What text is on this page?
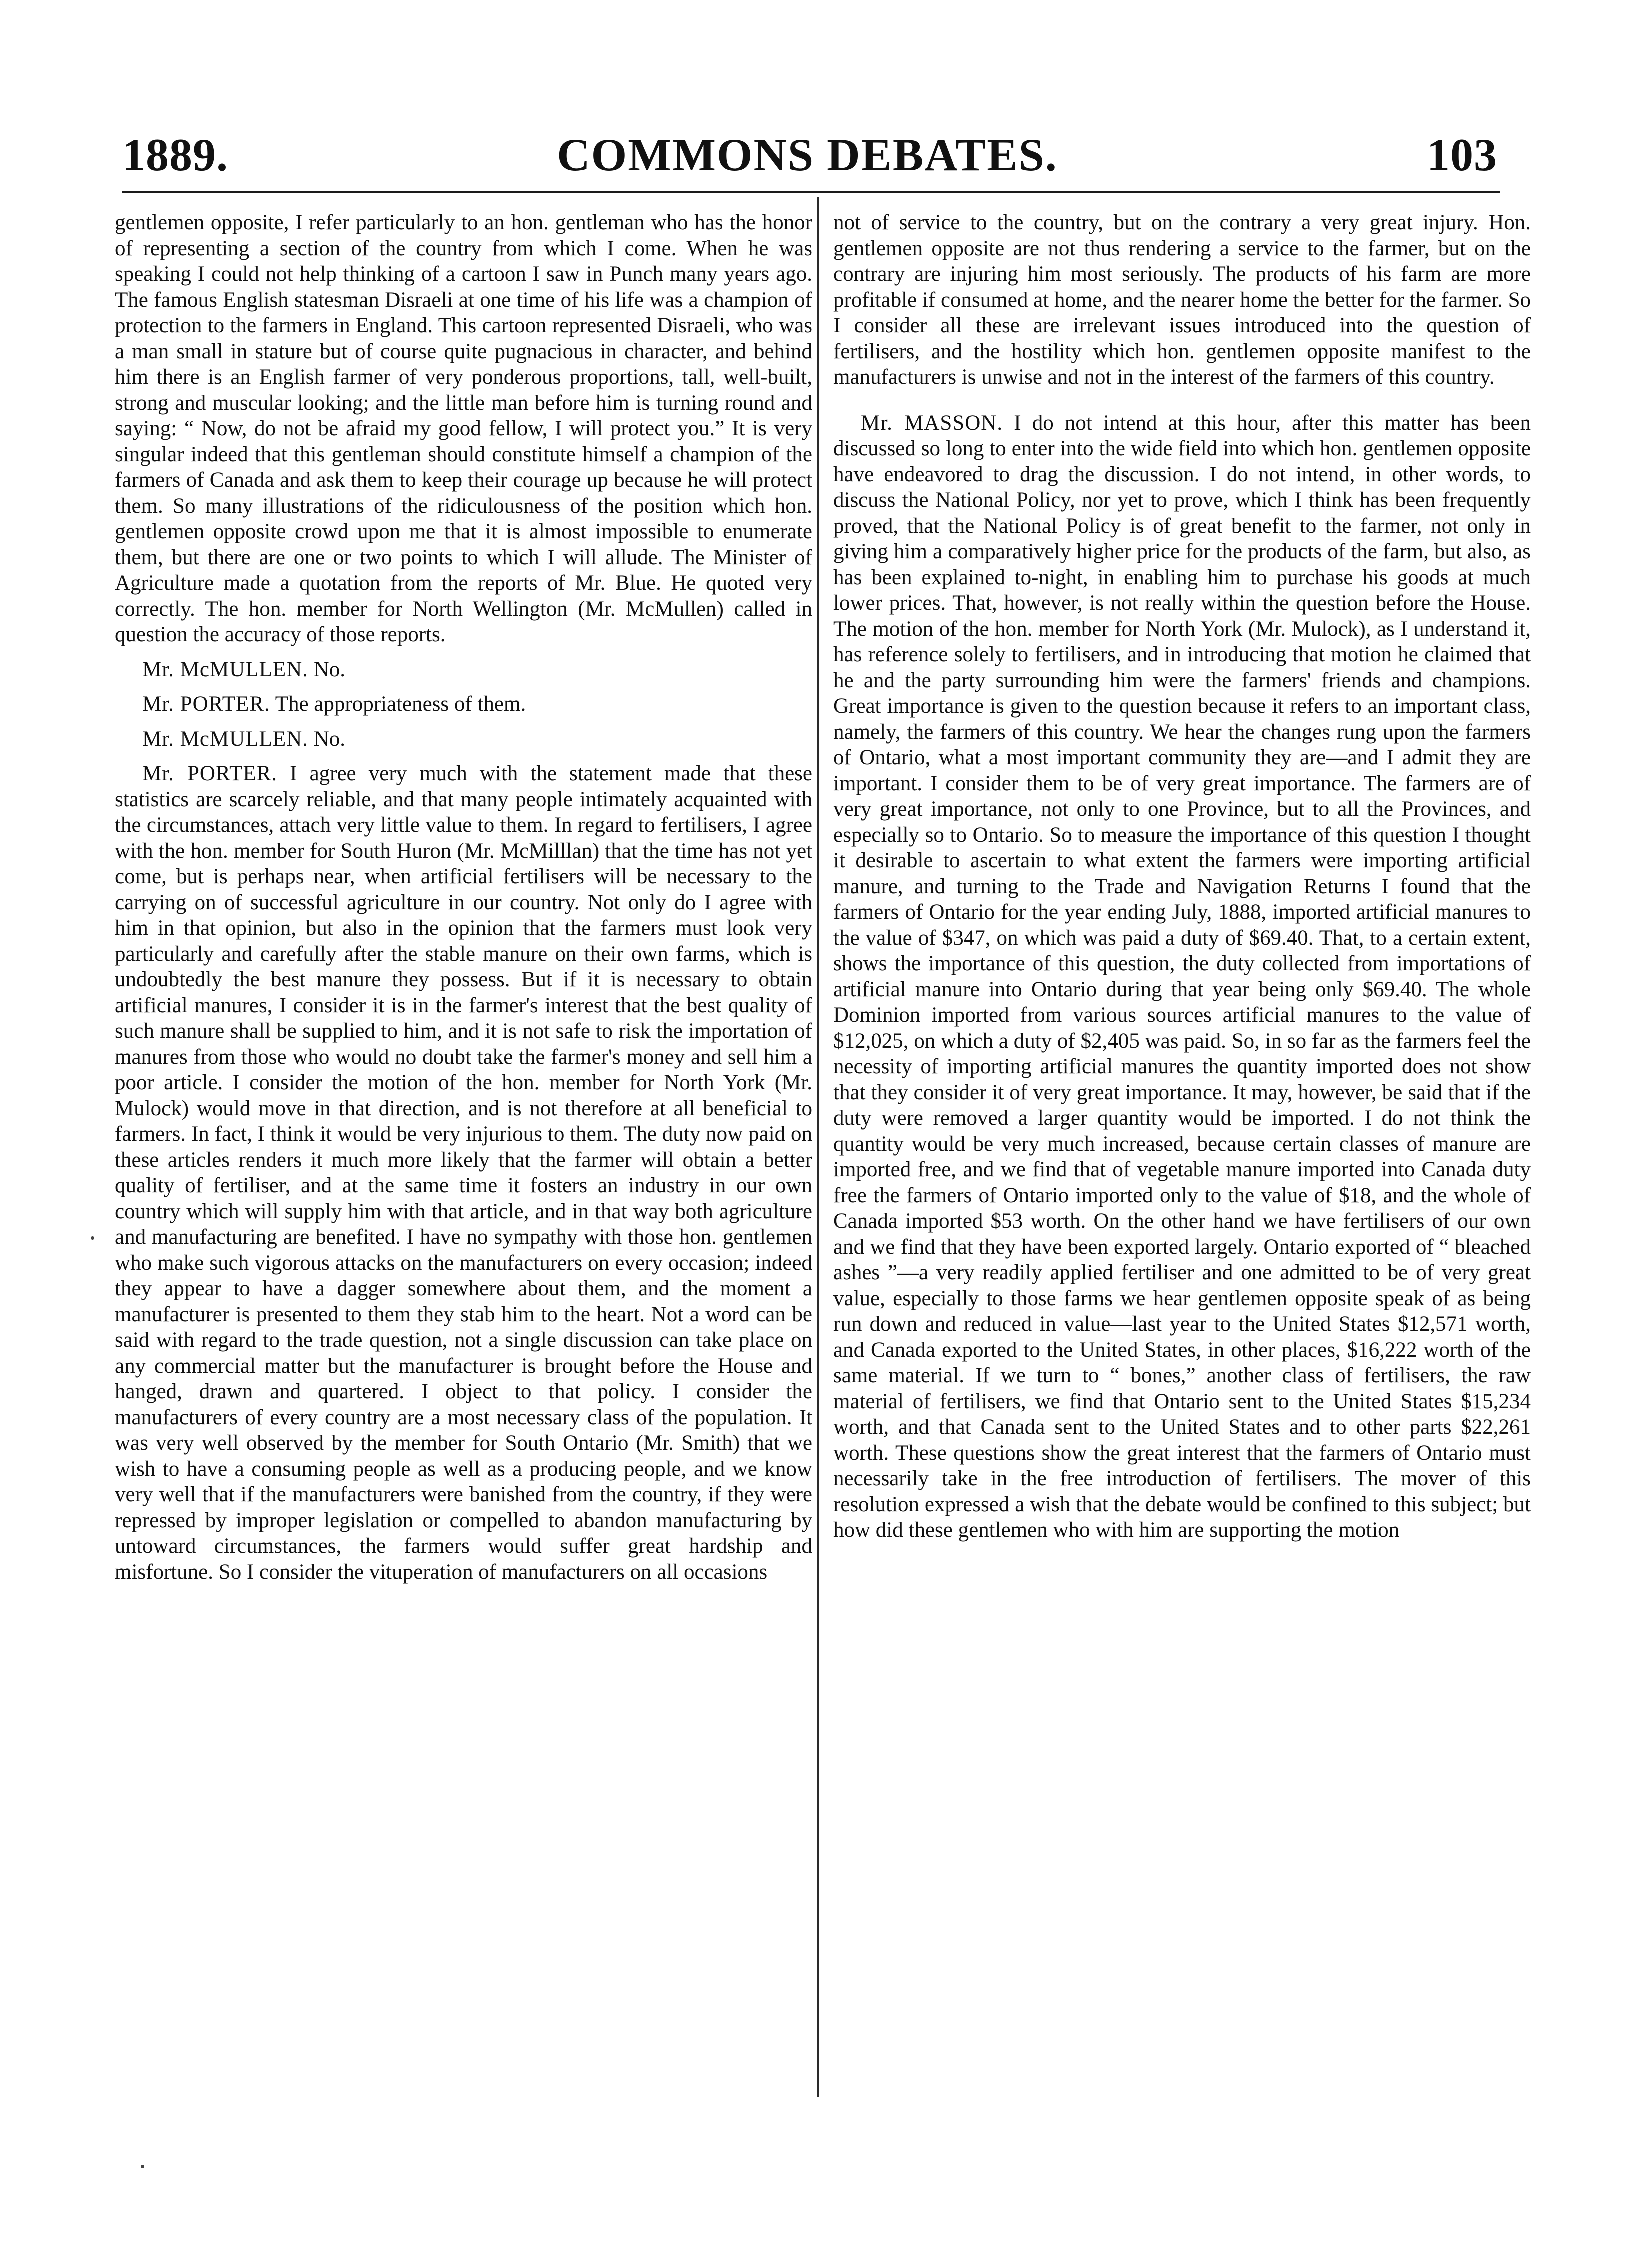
1889.	COMMONS DEBATES.	103

gentlemen opposite, I refer particularly to an hon. gentleman who has the honor of representing a section of the country from which I come. When he was speaking I could not help thinking of a cartoon I saw in Punch many years ago. The famous English statesman Disraeli at one time of his life was a champion of protection to the farmers in England. This cartoon represented Disraeli, who was a man small in stature but of course quite pugnacious in character, and behind him there is an English farmer of very ponderous proportions, tall, well-built, strong and muscular looking; and the little man before him is turning round and saying: “ Now, do not be afraid my good fellow, I will protect you.” It is very singular indeed that this gentleman should constitute himself a champion of the farmers of Canada and ask them to keep their courage up because he will protect them. So many illustrations of the ridiculousness of the position which hon. gentlemen opposite crowd upon me that it is almost impossible to enumerate them, but there are one or two points to which I will allude. The Minister of Agriculture made a quotation from the reports of Mr. Blue. He quoted very correctly. The hon. member for North Wellington (Mr. McMullen) called in question the accuracy of those reports.

Mr. McMULLEN. No.

Mr. PORTER. The appropriateness of them.

Mr. McMULLEN. No.

Mr. PORTER. I agree very much with the statement made that these statistics are scarcely reliable, and that many people intimately acquainted with the circumstances, attach very little value to them. In regard to fertilisers, I agree with the hon. member for South Huron (Mr. McMilllan) that the time has not yet come, but is perhaps near, when artificial fertilisers will be necessary to the carrying on of successful agriculture in our country. Not only do I agree with him in that opinion, but also in the opinion that the farmers must look very particularly and carefully after the stable manure on their own farms, which is undoubtedly the best manure they possess. But if it is necessary to obtain artificial manures, I consider it is in the farmer's interest that the best quality of such manure shall be supplied to him, and it is not safe to risk the importation of manures from those who would no doubt take the farmer's money and sell him a poor article. I consider the motion of the hon. member for North York (Mr. Mulock) would move in that direction, and is not therefore at all beneficial to farmers. In fact, I think it would be very injurious to them. The duty now paid on these articles renders it much more likely that the farmer will obtain a better quality of fertiliser, and at the same time it fosters an industry in our own country which will supply him with that article, and in that way both agriculture and manufacturing are benefited. I have no sympathy with those hon. gentlemen who make such vigorous attacks on the manufacturers on every occasion; indeed they appear to have a dagger somewhere about them, and the moment a manufacturer is presented to them they stab him to the heart. Not a word can be said with regard to the trade question, not a single discussion can take place on any commercial matter but the manufacturer is brought before the House and hanged, drawn and quartered. I object to that policy. I consider the manufacturers of every country are a most necessary class of the population. It was very well observed by the member for South Ontario (Mr. Smith) that we wish to have a consuming people as well as a producing people, and we know very well that if the manufacturers were banished from the country, if they were repressed by improper legislation or compelled to abandon manufacturing by untoward circumstances, the farmers would suffer great hardship and misfortune. So I consider the vituperation of manufacturers on all occasions

not of service to the country, but on the contrary a very great injury. Hon. gentlemen opposite are not thus rendering a service to the farmer, but on the contrary are injuring him most seriously. The products of his farm are more profitable if consumed at home, and the nearer home the better for the farmer. So I consider all these are irrelevant issues introduced into the question of fertilisers, and the hostility which hon. gentlemen opposite manifest to the manufacturers is unwise and not in the interest of the farmers of this country.

Mr. MASSON. I do not intend at this hour, after this matter has been discussed so long to enter into the wide field into which hon. gentlemen opposite have endeavored to drag the discussion. I do not intend, in other words, to discuss the National Policy, nor yet to prove, which I think has been frequently proved, that the National Policy is of great benefit to the farmer, not only in giving him a comparatively higher price for the products of the farm, but also, as has been explained to-night, in enabling him to purchase his goods at much lower prices. That, however, is not really within the question before the House. The motion of the hon. member for North York (Mr. Mulock), as I understand it, has reference solely to fertilisers, and in introducing that motion he claimed that he and the party surrounding him were the farmers' friends and champions. Great importance is given to the question because it refers to an important class, namely, the farmers of this country. We hear the changes rung upon the farmers of Ontario, what a most important community they are—and I admit they are important. I consider them to be of very great importance. The farmers are of very great importance, not only to one Province, but to all the Provinces, and especially so to Ontario. So to measure the importance of this question I thought it desirable to ascertain to what extent the farmers were importing artificial manure, and turning to the Trade and Navigation Returns I found that the farmers of Ontario for the year ending July, 1888, imported artificial manures to the value of $347, on which was paid a duty of $69.40. That, to a certain extent, shows the importance of this question, the duty collected from importations of artificial manure into Ontario during that year being only $69.40. The whole Dominion imported from various sources artificial manures to the value of $12,025, on which a duty of $2,405 was paid. So, in so far as the farmers feel the necessity of importing artificial manures the quantity imported does not show that they consider it of very great importance. It may, however, be said that if the duty were removed a larger quantity would be imported. I do not think the quantity would be very much increased, because certain classes of manure are imported free, and we find that of vegetable manure imported into Canada duty free the farmers of Ontario imported only to the value of $18, and the whole of Canada imported $53 worth. On the other hand we have fertilisers of our own and we find that they have been exported largely. Ontario exported of “ bleached ashes ”—a very readily applied fertiliser and one admitted to be of very great value, especially to those farms we hear gentlemen opposite speak of as being run down and reduced in value—last year to the United States $12,571 worth, and Canada exported to the United States, in other places, $16,222 worth of the same material. If we turn to “ bones,” another class of fertilisers, the raw material of fertilisers, we find that Ontario sent to the United States $15,234 worth, and that Canada sent to the United States and to other parts $22,261 worth. These questions show the great interest that the farmers of Ontario must necessarily take in the free introduction of fertilisers. The mover of this resolution expressed a wish that the debate would be confined to this subject; but how did these gentlemen who with him are supporting the motion
